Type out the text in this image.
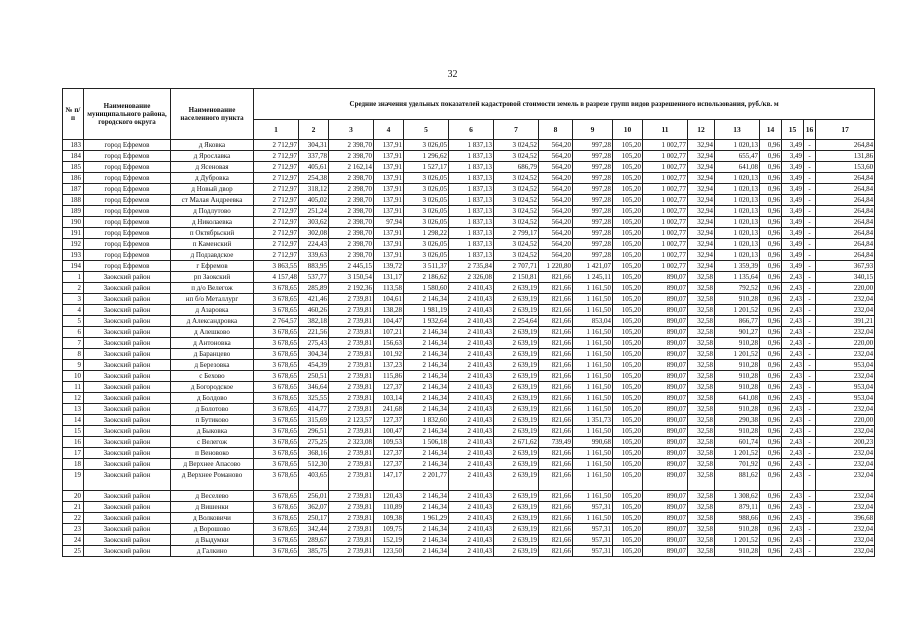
32
№ п/п	Наименование муниципального района, городского округа	Наименование населенного пункта	Средние значения удельных показателей кадастровой стоимости земель в разрезе групп видов разрешенного использования, руб./кв. м																
			1	2	3	4	5	6	7	8	9	10	11	12	13	14	15	16	17
183	город Ефремов	д Яковка	2 712,97	304,31	2 398,70	137,91	3 026,05	1 837,13	3 024,52	564,20	997,28	105,20	1 002,77	32,94	1 020,13	0,96	3,49	-	264,84
184	город Ефремов	д Ярославка	2 712,97	337,78	2 398,70	137,91	1 296,62	1 837,13	3 024,52	564,20	997,28	105,20	1 002,77	32,94	655,47	0,96	3,49	-	131,86
185	город Ефремов	д Ясеновая	2 712,97	405,61	2 162,14	137,91	1 527,17	1 837,13	686,79	564,20	997,28	105,20	1 002,77	32,94	641,08	0,96	3,49	-	153,60
186	город Ефремов	д Дубровка	2 712,97	254,38	2 398,70	137,91	3 026,05	1 837,13	3 024,52	564,20	997,28	105,20	1 002,77	32,94	1 020,13	0,96	3,49	-	264,84
187	город Ефремов	д Новый двор	2 712,97	318,12	2 398,70	137,91	3 026,05	1 837,13	3 024,52	564,20	997,28	105,20	1 002,77	32,94	1 020,13	0,96	3,49	-	264,84
188	город Ефремов	ст Малая Андреевка	2 712,97	405,02	2 398,70	137,91	3 026,05	1 837,13	3 024,52	564,20	997,28	105,20	1 002,77	32,94	1 020,13	0,96	3,49	-	264,84
189	город Ефремов	д Подлутово	2 712,97	251,24	2 398,70	137,91	3 026,05	1 837,13	3 024,52	564,20	997,28	105,20	1 002,77	32,94	1 020,13	0,96	3,49	-	264,84
190	город Ефремов	д Николаевка	2 712,97	303,62	2 398,70	97,94	3 026,05	1 837,13	3 024,52	564,20	997,28	105,20	1 002,77	32,94	1 020,13	0,96	3,49	-	264,84
191	город Ефремов	п Октябрьский	2 712,97	302,08	2 398,70	137,91	1 298,22	1 837,13	2 799,17	564,20	997,28	105,20	1 002,77	32,94	1 020,13	0,96	3,49	-	264,84
192	город Ефремов	п Каменский	2 712,97	224,43	2 398,70	137,91	3 026,05	1 837,13	3 024,52	564,20	997,28	105,20	1 002,77	32,94	1 020,13	0,96	3,49	-	264,84
193	город Ефремов	д Подзавдское	2 712,97	339,63	2 398,70	137,91	3 026,05	1 837,13	3 024,52	564,20	997,28	105,20	1 002,77	32,94	1 020,13	0,96	3,49	-	264,84
194	город Ефремов	г Ефремов	3 863,55	883,95	2 445,15	139,72	3 511,37	2 735,84	2 707,71	1 220,80	1 421,07	105,20	1 002,77	32,94	1 359,39	0,96	3,49	-	367,93
1	Заокский район	рп Заокский	4 157,48	537,77	3 150,54	131,17	2 186,62	2 326,08	2 150,81	821,66	1 245,11	105,20	890,07	32,58	1 135,64	0,96	2,43	-	340,15
2	Заокский район	п д/о Велегож	3 678,65	285,89	2 192,36	113,58	1 580,60	2 410,43	2 639,19	821,66	1 161,50	105,20	890,07	32,58	792,52	0,96	2,43	-	220,00
3	Заокский район	нп б/о Металлург	3 678,65	421,46	2 739,81	104,61	2 146,34	2 410,43	2 639,19	821,66	1 161,50	105,20	890,07	32,58	910,28	0,96	2,43	-	232,04
4	Заокский район	д Азаровка	3 678,65	460,26	2 739,81	138,28	1 981,19	2 410,43	2 639,19	821,66	1 161,50	105,20	890,07	32,58	1 201,52	0,96	2,43	-	232,04
5	Заокский район	д Александровка	2 764,57	382,18	2 739,81	104,47	1 932,64	2 410,43	2 254,64	821,66	853,04	105,20	890,07	32,58	866,77	0,96	2,43	-	391,21
6	Заокский район	д Алешково	3 678,65	221,56	2 739,81	107,21	2 146,34	2 410,43	2 639,19	821,66	1 161,50	105,20	890,07	32,58	901,27	0,96	2,43	-	232,04
7	Заокский район	д Антоновка	3 678,65	275,43	2 739,81	156,63	2 146,34	2 410,43	2 639,19	821,66	1 161,50	105,20	890,07	32,58	910,28	0,96	2,43	-	220,00
8	Заокский район	д Баранцево	3 678,65	304,34	2 739,81	101,92	2 146,34	2 410,43	2 639,19	821,66	1 161,50	105,20	890,07	32,58	1 201,52	0,96	2,43	-	232,04
9	Заокский район	д Березовка	3 678,65	454,39	2 739,81	137,23	2 146,34	2 410,43	2 639,19	821,66	1 161,50	105,20	890,07	32,58	910,28	0,96	2,43	-	953,04
10	Заокский район	с Бехово	3 678,65	250,51	2 739,81	115,86	2 146,34	2 410,43	2 639,19	821,66	1 161,50	105,20	890,07	32,58	910,28	0,96	2,43	-	232,04
11	Заокский район	д Богородское	3 678,65	346,64	2 739,81	127,37	2 146,34	2 410,43	2 639,19	821,66	1 161,50	105,20	890,07	32,58	910,28	0,96	2,43	-	953,04
12	Заокский район	д Болдово	3 678,65	325,55	2 739,81	103,14	2 146,34	2 410,43	2 639,19	821,66	1 161,50	105,20	890,07	32,58	641,08	0,96	2,43	-	953,04
13	Заокский район	д Болотово	3 678,65	414,77	2 739,81	241,68	2 146,34	2 410,43	2 639,19	821,66	1 161,50	105,20	890,07	32,58	910,28	0,96	2,43	-	232,04
14	Заокский район	п Бутиково	3 678,65	315,69	2 123,57	127,37	1 832,60	2 410,43	2 639,19	821,66	1 351,73	105,20	890,07	32,58	290,38	0,96	2,43	-	220,00
15	Заокский район	д Быковка	3 678,65	296,51	2 739,81	100,47	2 146,34	2 410,43	2 639,19	821,66	1 161,50	105,20	890,07	32,58	910,28	0,96	2,43	-	232,04
16	Заокский район	с Велегож	3 678,65	275,25	2 323,08	109,53	1 506,18	2 410,43	2 671,62	739,49	990,68	105,20	890,07	32,58	601,74	0,96	2,43	-	200,23
17	Заокский район	п Веновоко	3 678,65	368,16	2 739,81	127,37	2 146,34	2 410,43	2 639,19	821,66	1 161,50	105,20	890,07	32,58	1 201,52	0,96	2,43	-	232,04
18	Заокский район	д Верхнее Апасово	3 678,65	512,30	2 739,81	127,37	2 146,34	2 410,43	2 639,19	821,66	1 161,50	105,20	890,07	32,58	701,92	0,96	2,43	-	232,04
19	Заокский район	д Верхнее Романово	3 678,65	403,65	2 739,81	147,17	2 201,77	2 410,43	2 639,19	821,66	1 161,50	105,20	890,07	32,58	881,62	0,96	2,43	-	232,04
20	Заокский район	д Веселево	3 678,65	256,01	2 739,81	120,43	2 146,34	2 410,43	2 639,19	821,66	1 161,50	105,20	890,07	32,58	1 308,62	0,96	2,43	-	232,04
21	Заокский район	д Вишенки	3 678,65	362,07	2 739,81	110,89	2 146,34	2 410,43	2 639,19	821,66	957,31	105,20	890,07	32,58	879,11	0,96	2,43	-	232,04
22	Заокский район	д Волковичи	3 678,65	250,17	2 739,81	109,38	1 961,29	2 410,43	2 639,19	821,66	1 161,50	105,20	890,07	32,58	988,66	0,96	2,43	-	396,68
23	Заокский район	д Ворошово	3 678,65	342,44	2 739,81	109,75	2 146,34	2 410,43	2 639,19	821,66	957,31	105,20	890,07	32,58	910,28	0,96	2,43	-	232,04
24	Заокский район	д Выдумки	3 678,65	289,67	2 739,81	152,19	2 146,34	2 410,43	2 639,19	821,66	957,31	105,20	890,07	32,58	1 201,52	0,96	2,43	-	232,04
25	Заокский район	д Галкино	3 678,65	385,75	2 739,81	123,50	2 146,34	2 410,43	2 639,19	821,66	957,31	105,20	890,07	32,58	910,28	0,96	2,43	-	232,04
